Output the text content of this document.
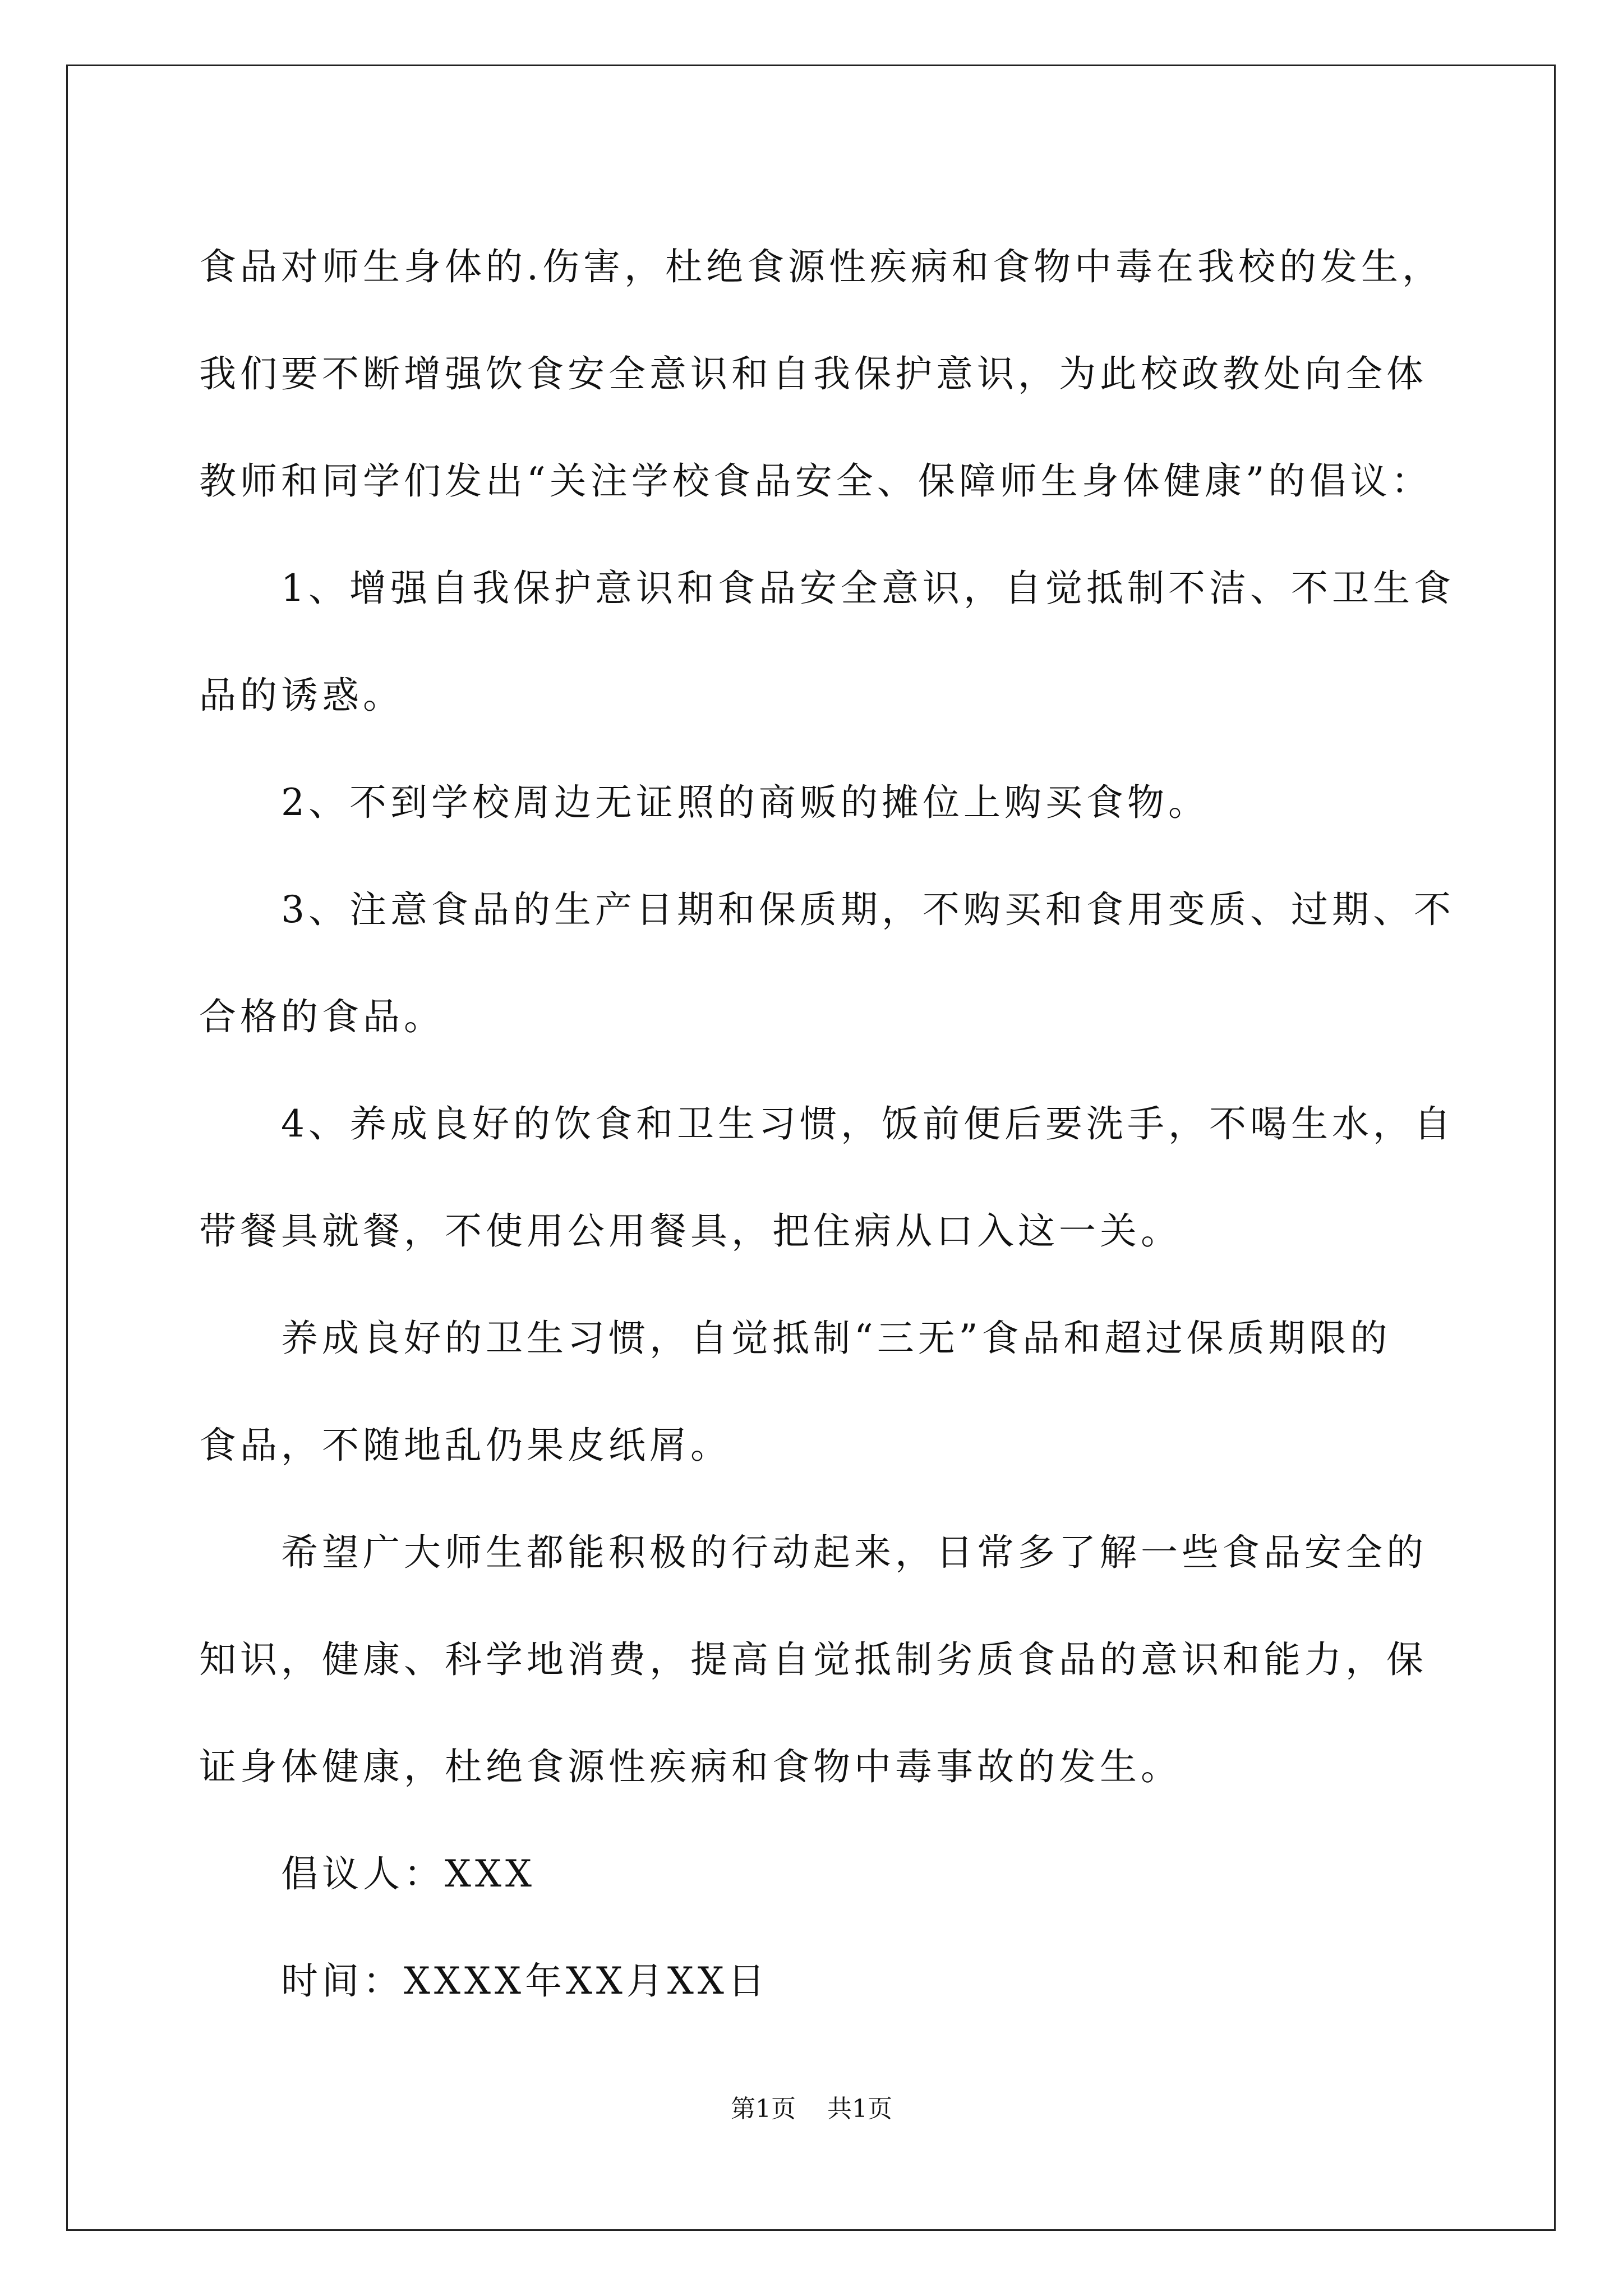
食品对师生身体的.伤害，杜绝食源性疾病和食物中毒在我校的发生，

我们要不断增强饮食安全意识和自我保护意识，为此校政教处向全体

教师和同学们发出“关注学校食品安全、保障师生身体健康”的倡议：

1、增强自我保护意识和食品安全意识，自觉抵制不洁、不卫生食

品的诱惑。

2、不到学校周边无证照的商贩的摊位上购买食物。

3、注意食品的生产日期和保质期，不购买和食用变质、过期、不

合格的食品。

4、养成良好的饮食和卫生习惯，饭前便后要洗手，不喝生水，自

带餐具就餐，不使用公用餐具，把住病从口入这一关。

养成良好的卫生习惯，自觉抵制“三无”食品和超过保质期限的

食品，不随地乱仍果皮纸屑。

希望广大师生都能积极的行动起来，日常多了解一些食品安全的

知识，健康、科学地消费，提高自觉抵制劣质食品的意识和能力，保

证身体健康，杜绝食源性疾病和食物中毒事故的发生。

倡议人：XXX

时间：XXXX年XX月XX日

第1页 共1页
